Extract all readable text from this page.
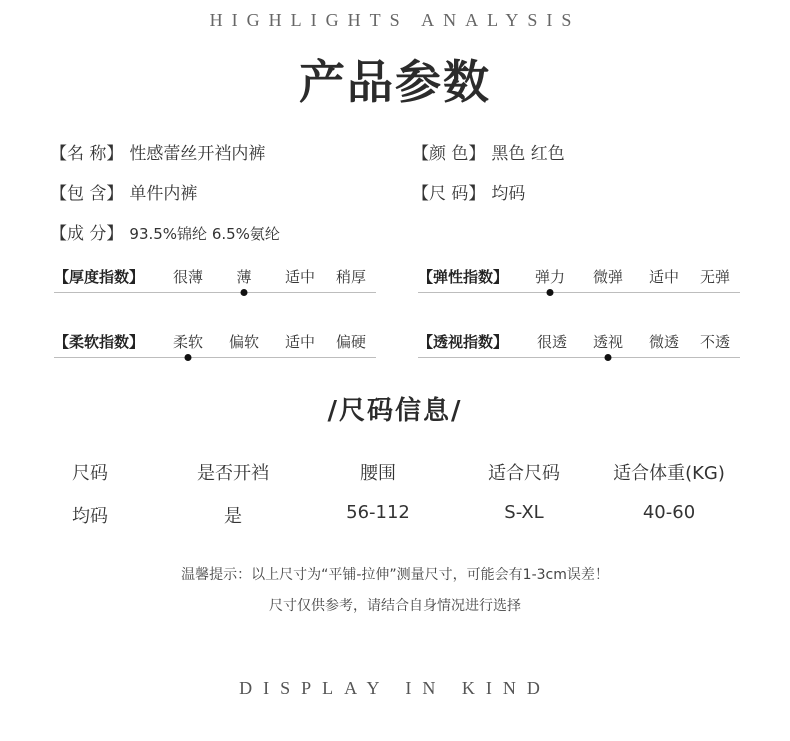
HIGHLIGHTS ANALYSIS
产品参数
【名 称】 性感蕾丝开裆内裤	【颜 色】 黑色 红色
【包 含】 单件内裤	【尺 码】 均码
【成 分】 93.5%锦纶 6.5%氨纶
【厚度指数】 很薄 薄 适中 稍厚	【弹性指数】 弹力 微弹 适中 无弹
【柔软指数】 柔软 偏软 适中 偏硬	【透视指数】 很透 透视 微透 不透
/尺码信息/
尺码	是否开裆	腰围	适合尺码	适合体重(KG)
均码	是	56-112	S-XL	40-60
温馨提示：以上尺寸为“平铺-拉伸”测量尺寸，可能会有1-3cm误差！
尺寸仅供参考，请结合自身情况进行选择
DISPLAY IN KIND
